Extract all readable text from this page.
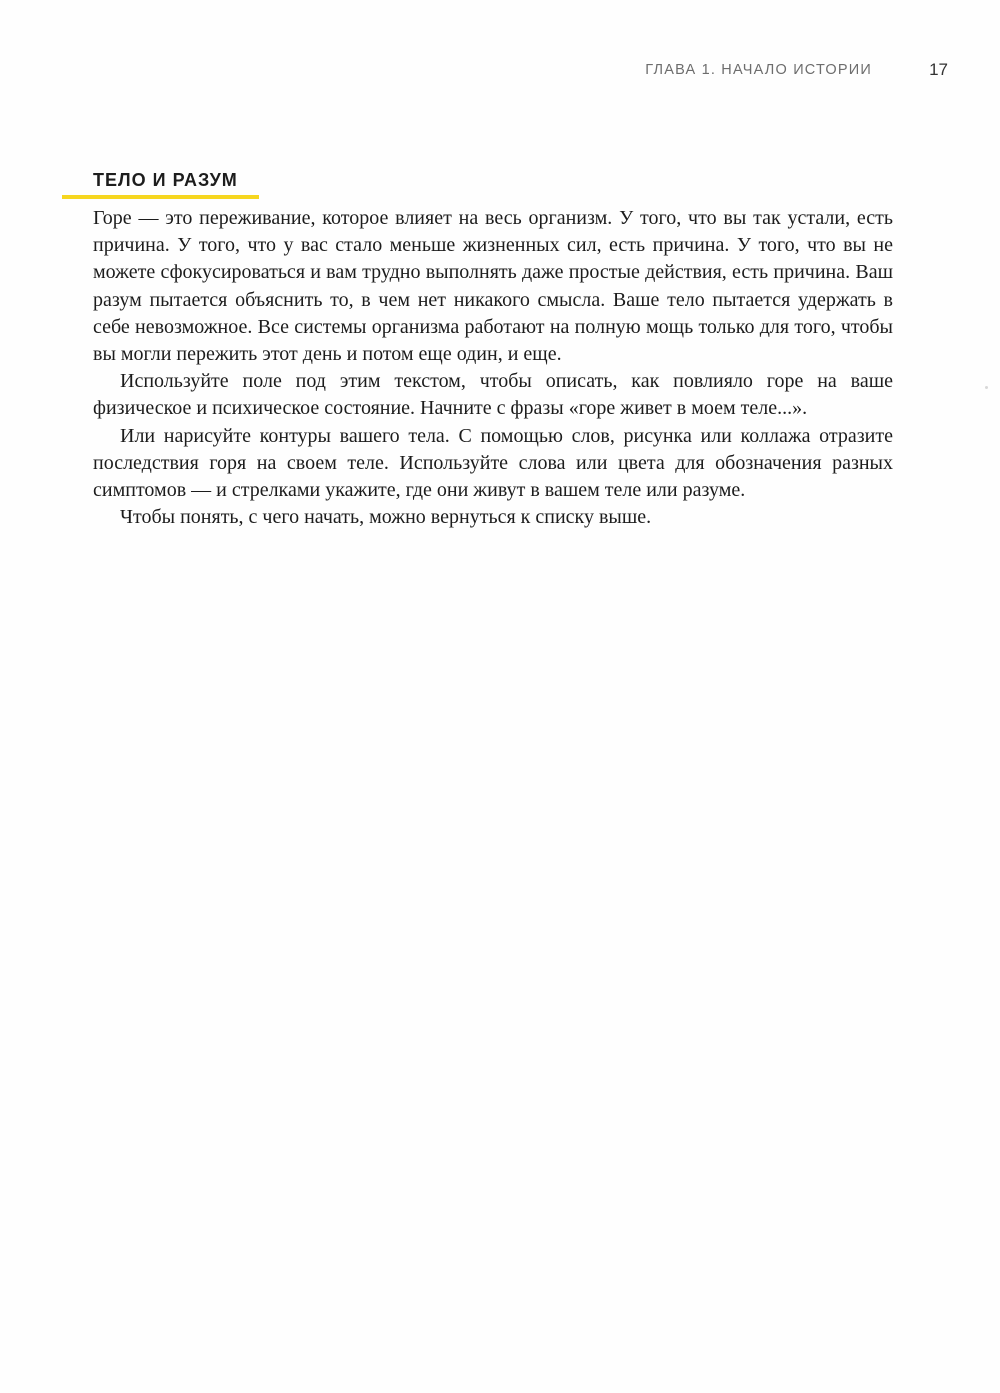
ГЛАВА 1. НАЧАЛО ИСТОРИИ	17
ТЕЛО И РАЗУМ

Горе — это переживание, которое влияет на весь организм. У того, что вы так устали, есть причина. У того, что у вас стало меньше жизненных сил, есть причина. У того, что вы не можете сфокусироваться и вам трудно выполнять даже простые действия, есть причина. Ваш разум пытается объяснить то, в чем нет никакого смысла. Ваше тело пытается удержать в себе невозможное. Все системы организма работают на полную мощь только для того, чтобы вы могли пережить этот день и потом еще один, и еще.

Используйте поле под этим текстом, чтобы описать, как повлияло горе на ваше физическое и психическое состояние. Начните с фразы «горе живет в моем теле...».

Или нарисуйте контуры вашего тела. С помощью слов, рисунка или коллажа отразите последствия горя на своем теле. Используйте слова или цвета для обозначения разных симптомов — и стрелками укажите, где они живут в вашем теле или разуме.

Чтобы понять, с чего начать, можно вернуться к списку выше.
